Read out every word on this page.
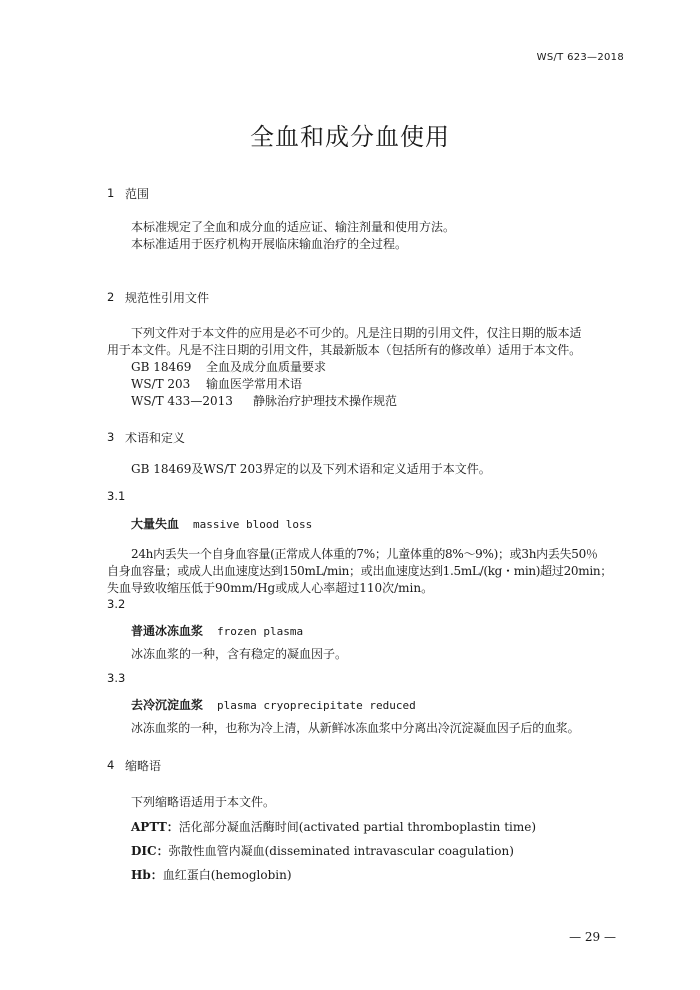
WS/T 623—2018
全血和成分血使用
1 范围
本标准规定了全血和成分血的适应证、输注剂量和使用方法。
本标准适用于医疗机构开展临床输血治疗的全过程。
2 规范性引用文件
下列文件对于本文件的应用是必不可少的。凡是注日期的引用文件，仅注日期的版本适
用于本文件。凡是不注日期的引用文件，其最新版本（包括所有的修改单）适用于本文件。
GB 18469 全血及成分血质量要求
WS/T 203 输血医学常用术语
WS/T 433—2013 静脉治疗护理技术操作规范
3 术语和定义
GB 18469及WS/T 203界定的以及下列术语和定义适用于本文件。
3.1
大量失血 massive blood loss
24h内丢失一个自身血容量(正常成人体重的7%；儿童体重的8%～9%)；或3h内丢失50％
自身血容量；或成人出血速度达到150mL/min；或出血速度达到1.5mL/(kg・min)超过20min；
失血导致收缩压低于90mm/Hg或成人心率超过110次/min。
3.2
普通冰冻血浆 frozen plasma
冰冻血浆的一种，含有稳定的凝血因子。
3.3
去冷沉淀血浆 plasma cryoprecipitate reduced
冰冻血浆的一种，也称为冷上清，从新鲜冰冻血浆中分离出冷沉淀凝血因子后的血浆。
4 缩略语
下列缩略语适用于本文件。
APTT：活化部分凝血活酶时间(activated partial thromboplastin time)
DIC：弥散性血管内凝血(disseminated intravascular coagulation)
Hb：血红蛋白(hemoglobin)
— 29 —
